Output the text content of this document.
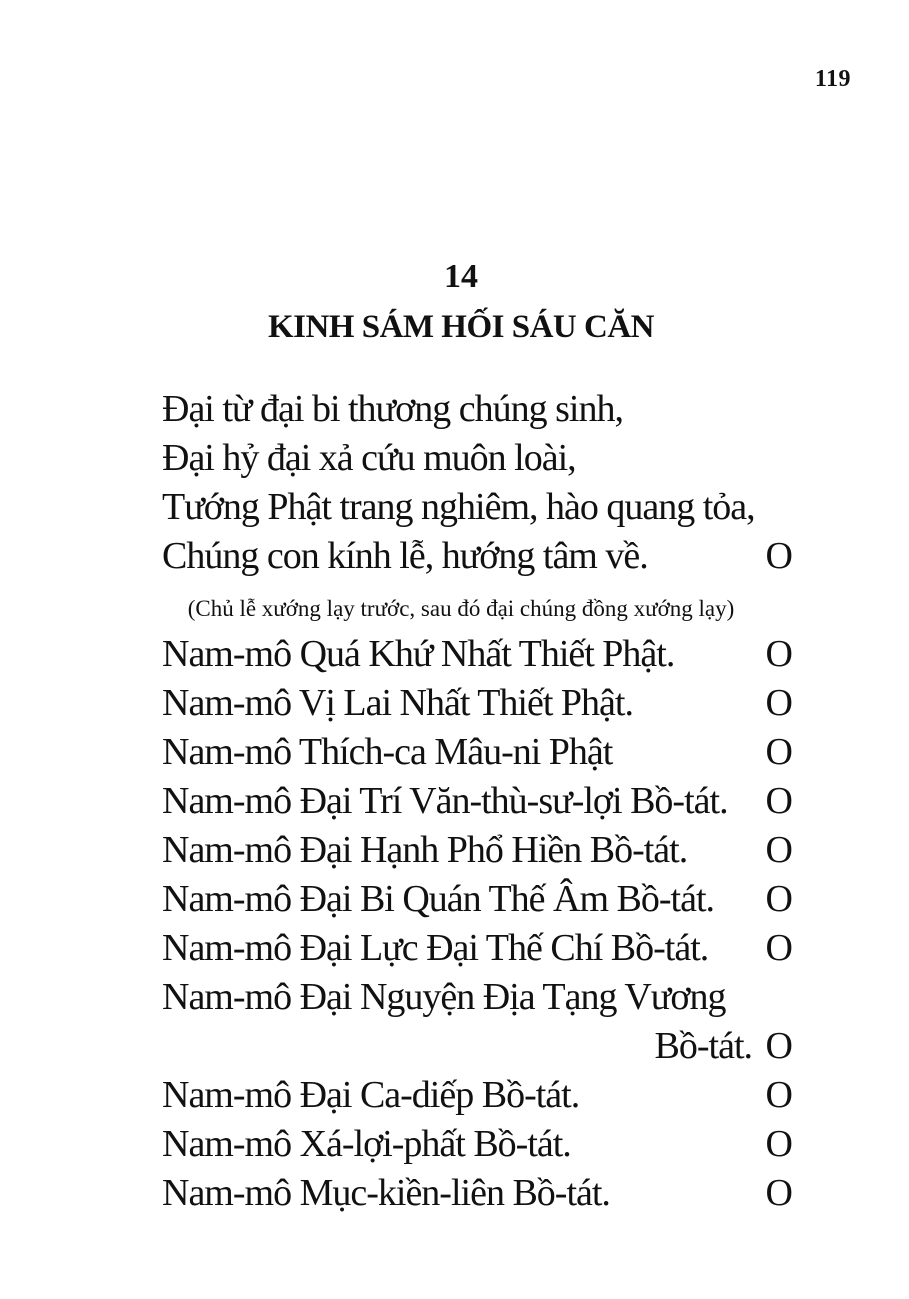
119
14
KINH SÁM HỐI SÁU CĂN
Đại từ đại bi thương chúng sinh,
Đại hỷ đại xả cứu muôn loài,
Tướng Phật trang nghiêm, hào quang tỏa,
Chúng con kính lễ, hướng tâm về.	O
(Chủ lễ xướng lạy trước, sau đó đại chúng đồng xướng lạy)
Nam-mô Quá Khứ Nhất Thiết Phật. O
Nam-mô Vị Lai Nhất Thiết Phật.	O
Nam-mô Thích-ca Mâu-ni Phật	O
Nam-mô Đại Trí Văn-thù-sư-lợi Bồ-tát. O
Nam-mô Đại Hạnh Phổ Hiền Bồ-tát. O
Nam-mô Đại Bi Quán Thế Âm Bồ-tát. O
Nam-mô Đại Lực Đại Thế Chí Bồ-tát. O
Nam-mô Đại Nguyện Địa Tạng Vương
Bồ-tát. O
Nam-mô Đại Ca-diếp Bồ-tát.	O
Nam-mô Xá-lợi-phất Bồ-tát.	O
Nam-mô Mục-kiền-liên Bồ-tát.	O
